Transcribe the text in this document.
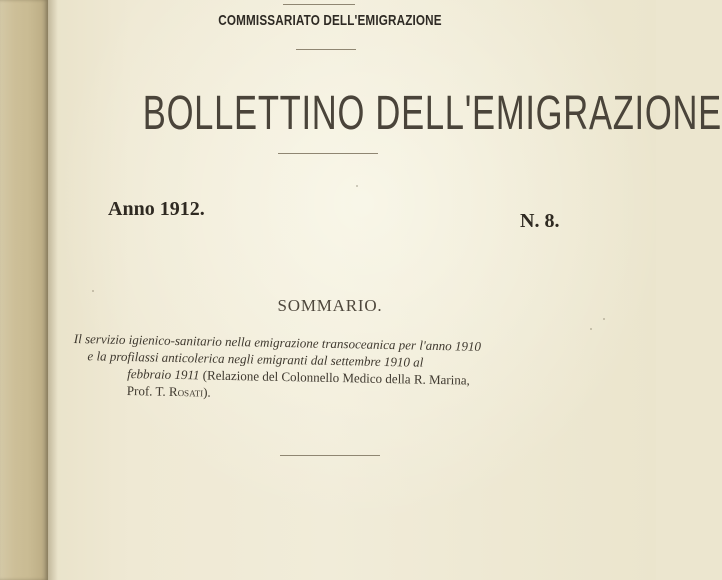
COMMISSARIATO DELL'EMIGRAZIONE
BOLLETTINO DELL'EMIGRAZIONE
Anno 1912.
N. 8.
SOMMARIO.
Il servizio igienico-sanitario nella emigrazione transoceanica per l'anno 1910
e la profilassi anticolerica negli emigranti dal settembre 1910 al
febbraio 1911 (Relazione del Colonnello Medico della R. Marina,
Prof. T. Rosati).
